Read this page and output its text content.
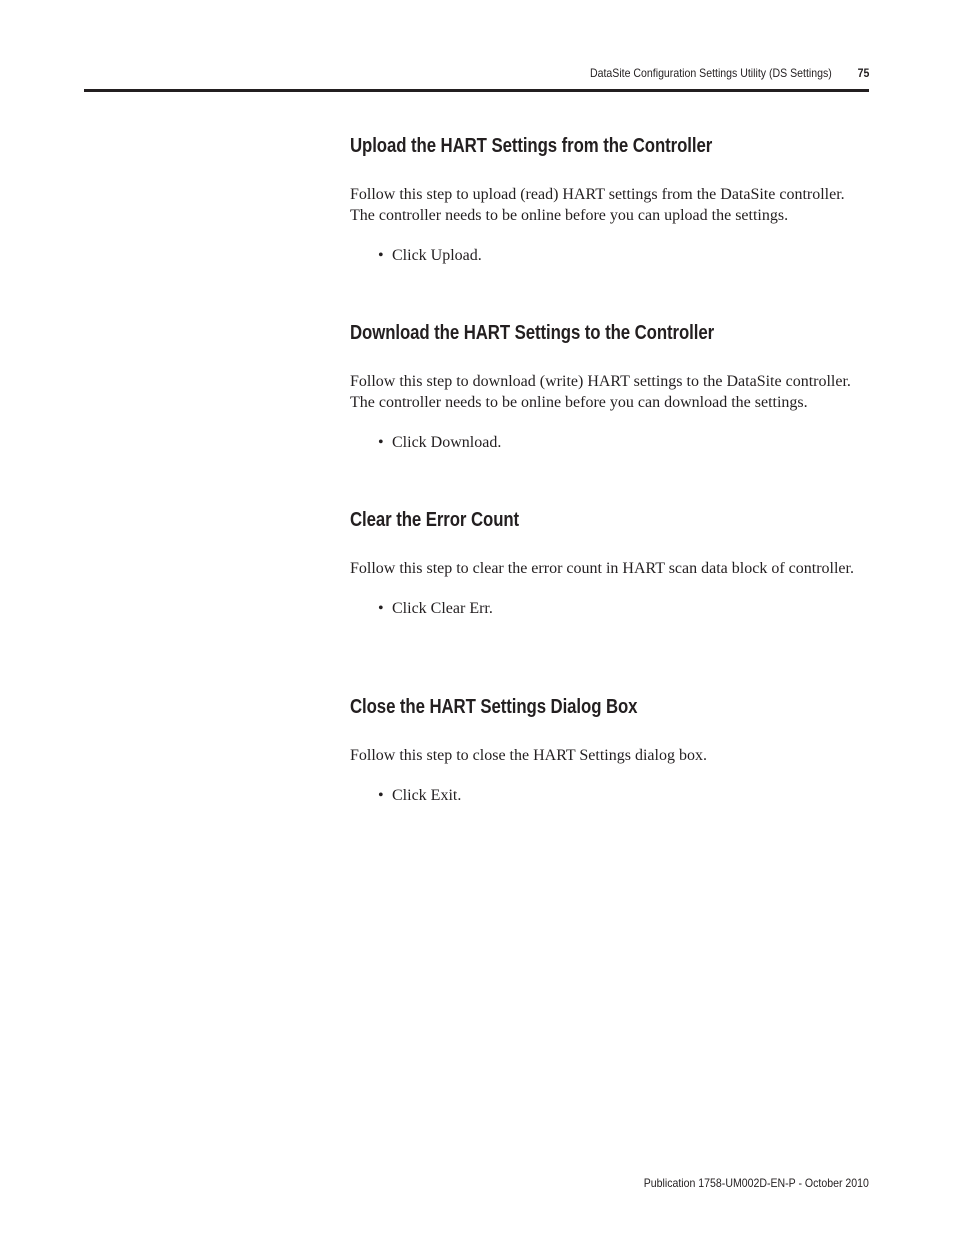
DataSite Configuration Settings Utility (DS Settings) 75
Upload the HART Settings from the Controller

Follow this step to upload (read) HART settings from the DataSite controller. The controller needs to be online before you can upload the settings.

• Click Upload.
Download the HART Settings to the Controller

Follow this step to download (write) HART settings to the DataSite controller. The controller needs to be online before you can download the settings.

• Click Download.
Clear the Error Count

Follow this step to clear the error count in HART scan data block of controller.

• Click Clear Err.
Close the HART Settings Dialog Box

Follow this step to close the HART Settings dialog box.

• Click Exit.
Publication 1758-UM002D-EN-P - October 2010
